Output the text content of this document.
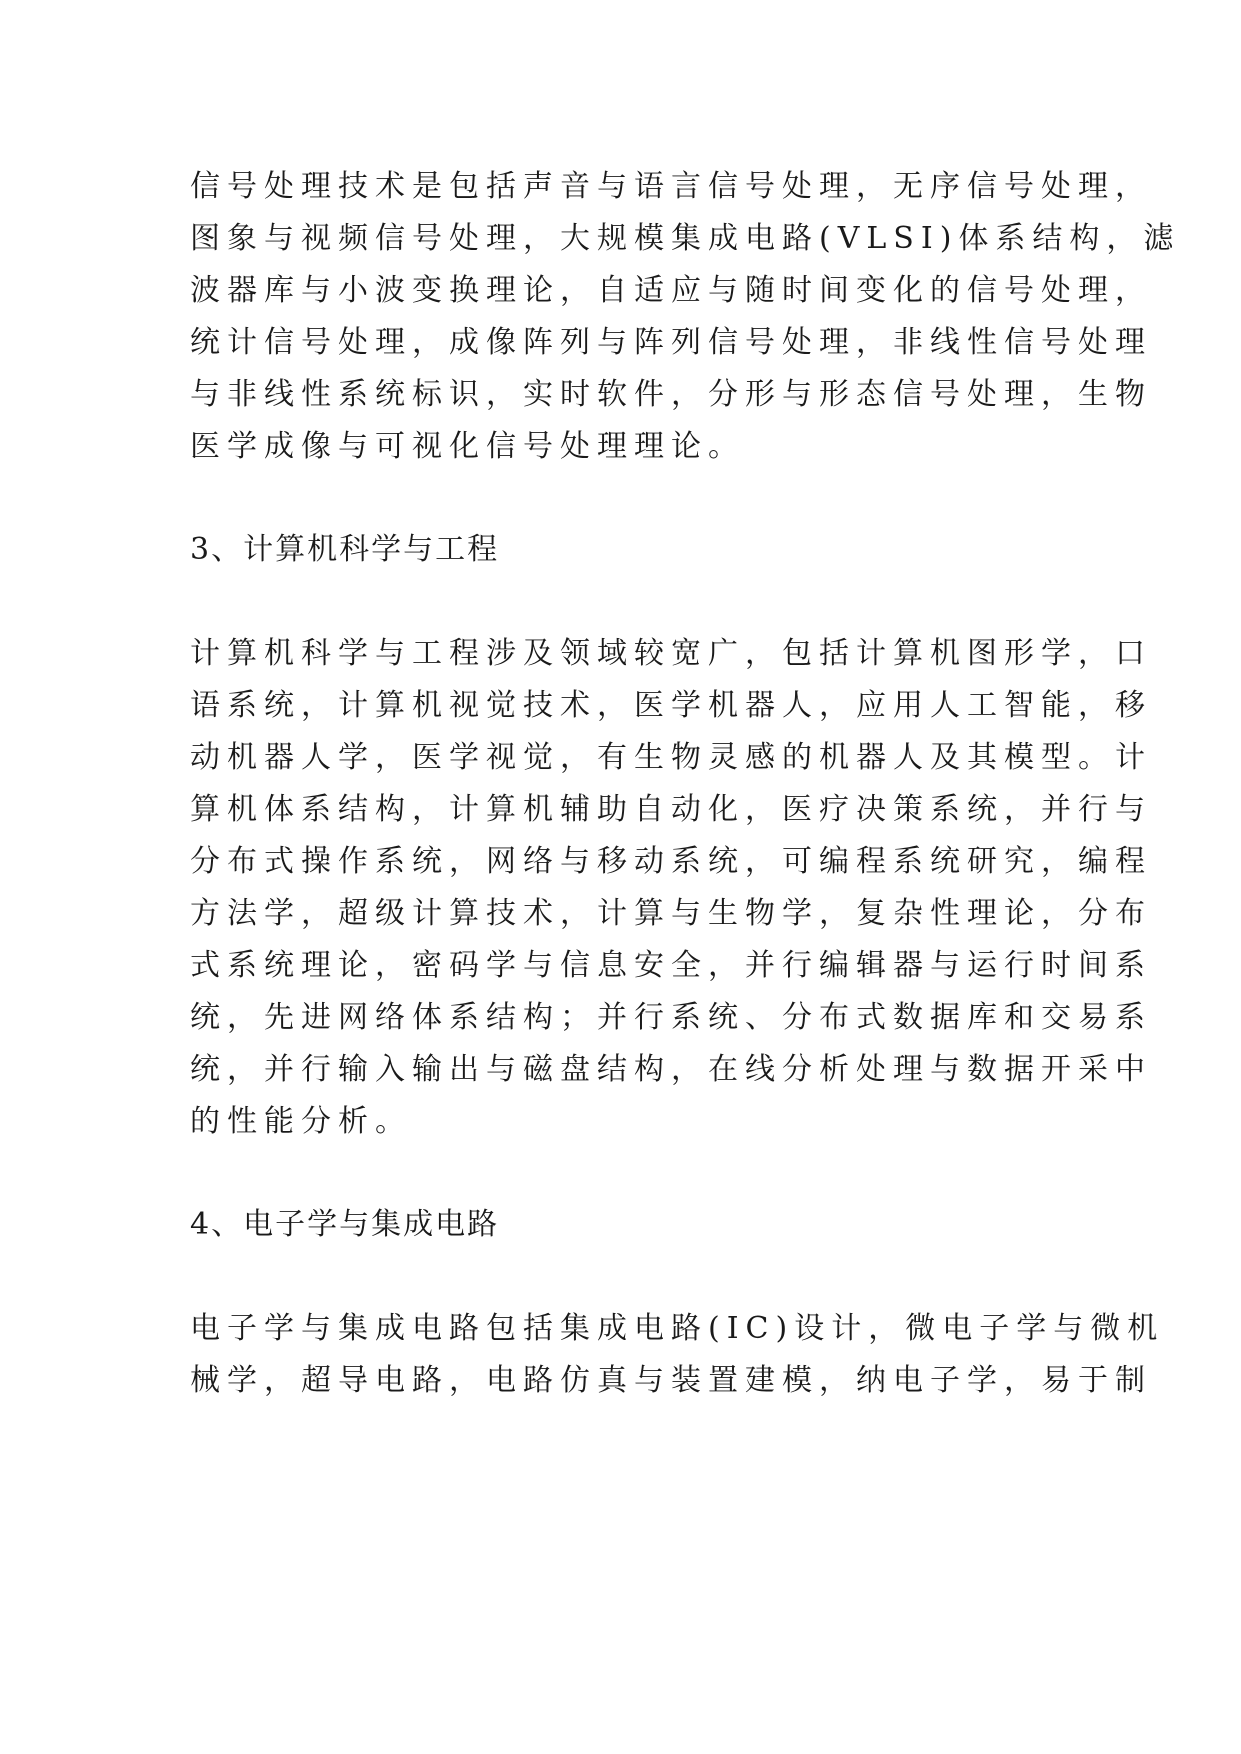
信号处理技术是包括声音与语言信号处理，无序信号处理，
图象与视频信号处理，大规模集成电路(VLSI)体系结构，滤
波器库与小波变换理论，自适应与随时间变化的信号处理，
统计信号处理，成像阵列与阵列信号处理，非线性信号处理
与非线性系统标识，实时软件，分形与形态信号处理，生物
医学成像与可视化信号处理理论。
3、计算机科学与工程
计算机科学与工程涉及领域较宽广，包括计算机图形学，口
语系统，计算机视觉技术，医学机器人，应用人工智能，移
动机器人学，医学视觉，有生物灵感的机器人及其模型。计
算机体系结构，计算机辅助自动化，医疗决策系统，并行与
分布式操作系统，网络与移动系统，可编程系统研究，编程
方法学，超级计算技术，计算与生物学，复杂性理论，分布
式系统理论，密码学与信息安全，并行编辑器与运行时间系
统，先进网络体系结构；并行系统、分布式数据库和交易系
统，并行输入输出与磁盘结构，在线分析处理与数据开采中
的性能分析。
4、电子学与集成电路
电子学与集成电路包括集成电路(IC)设计，微电子学与微机
械学，超导电路，电路仿真与装置建模，纳电子学，易于制
